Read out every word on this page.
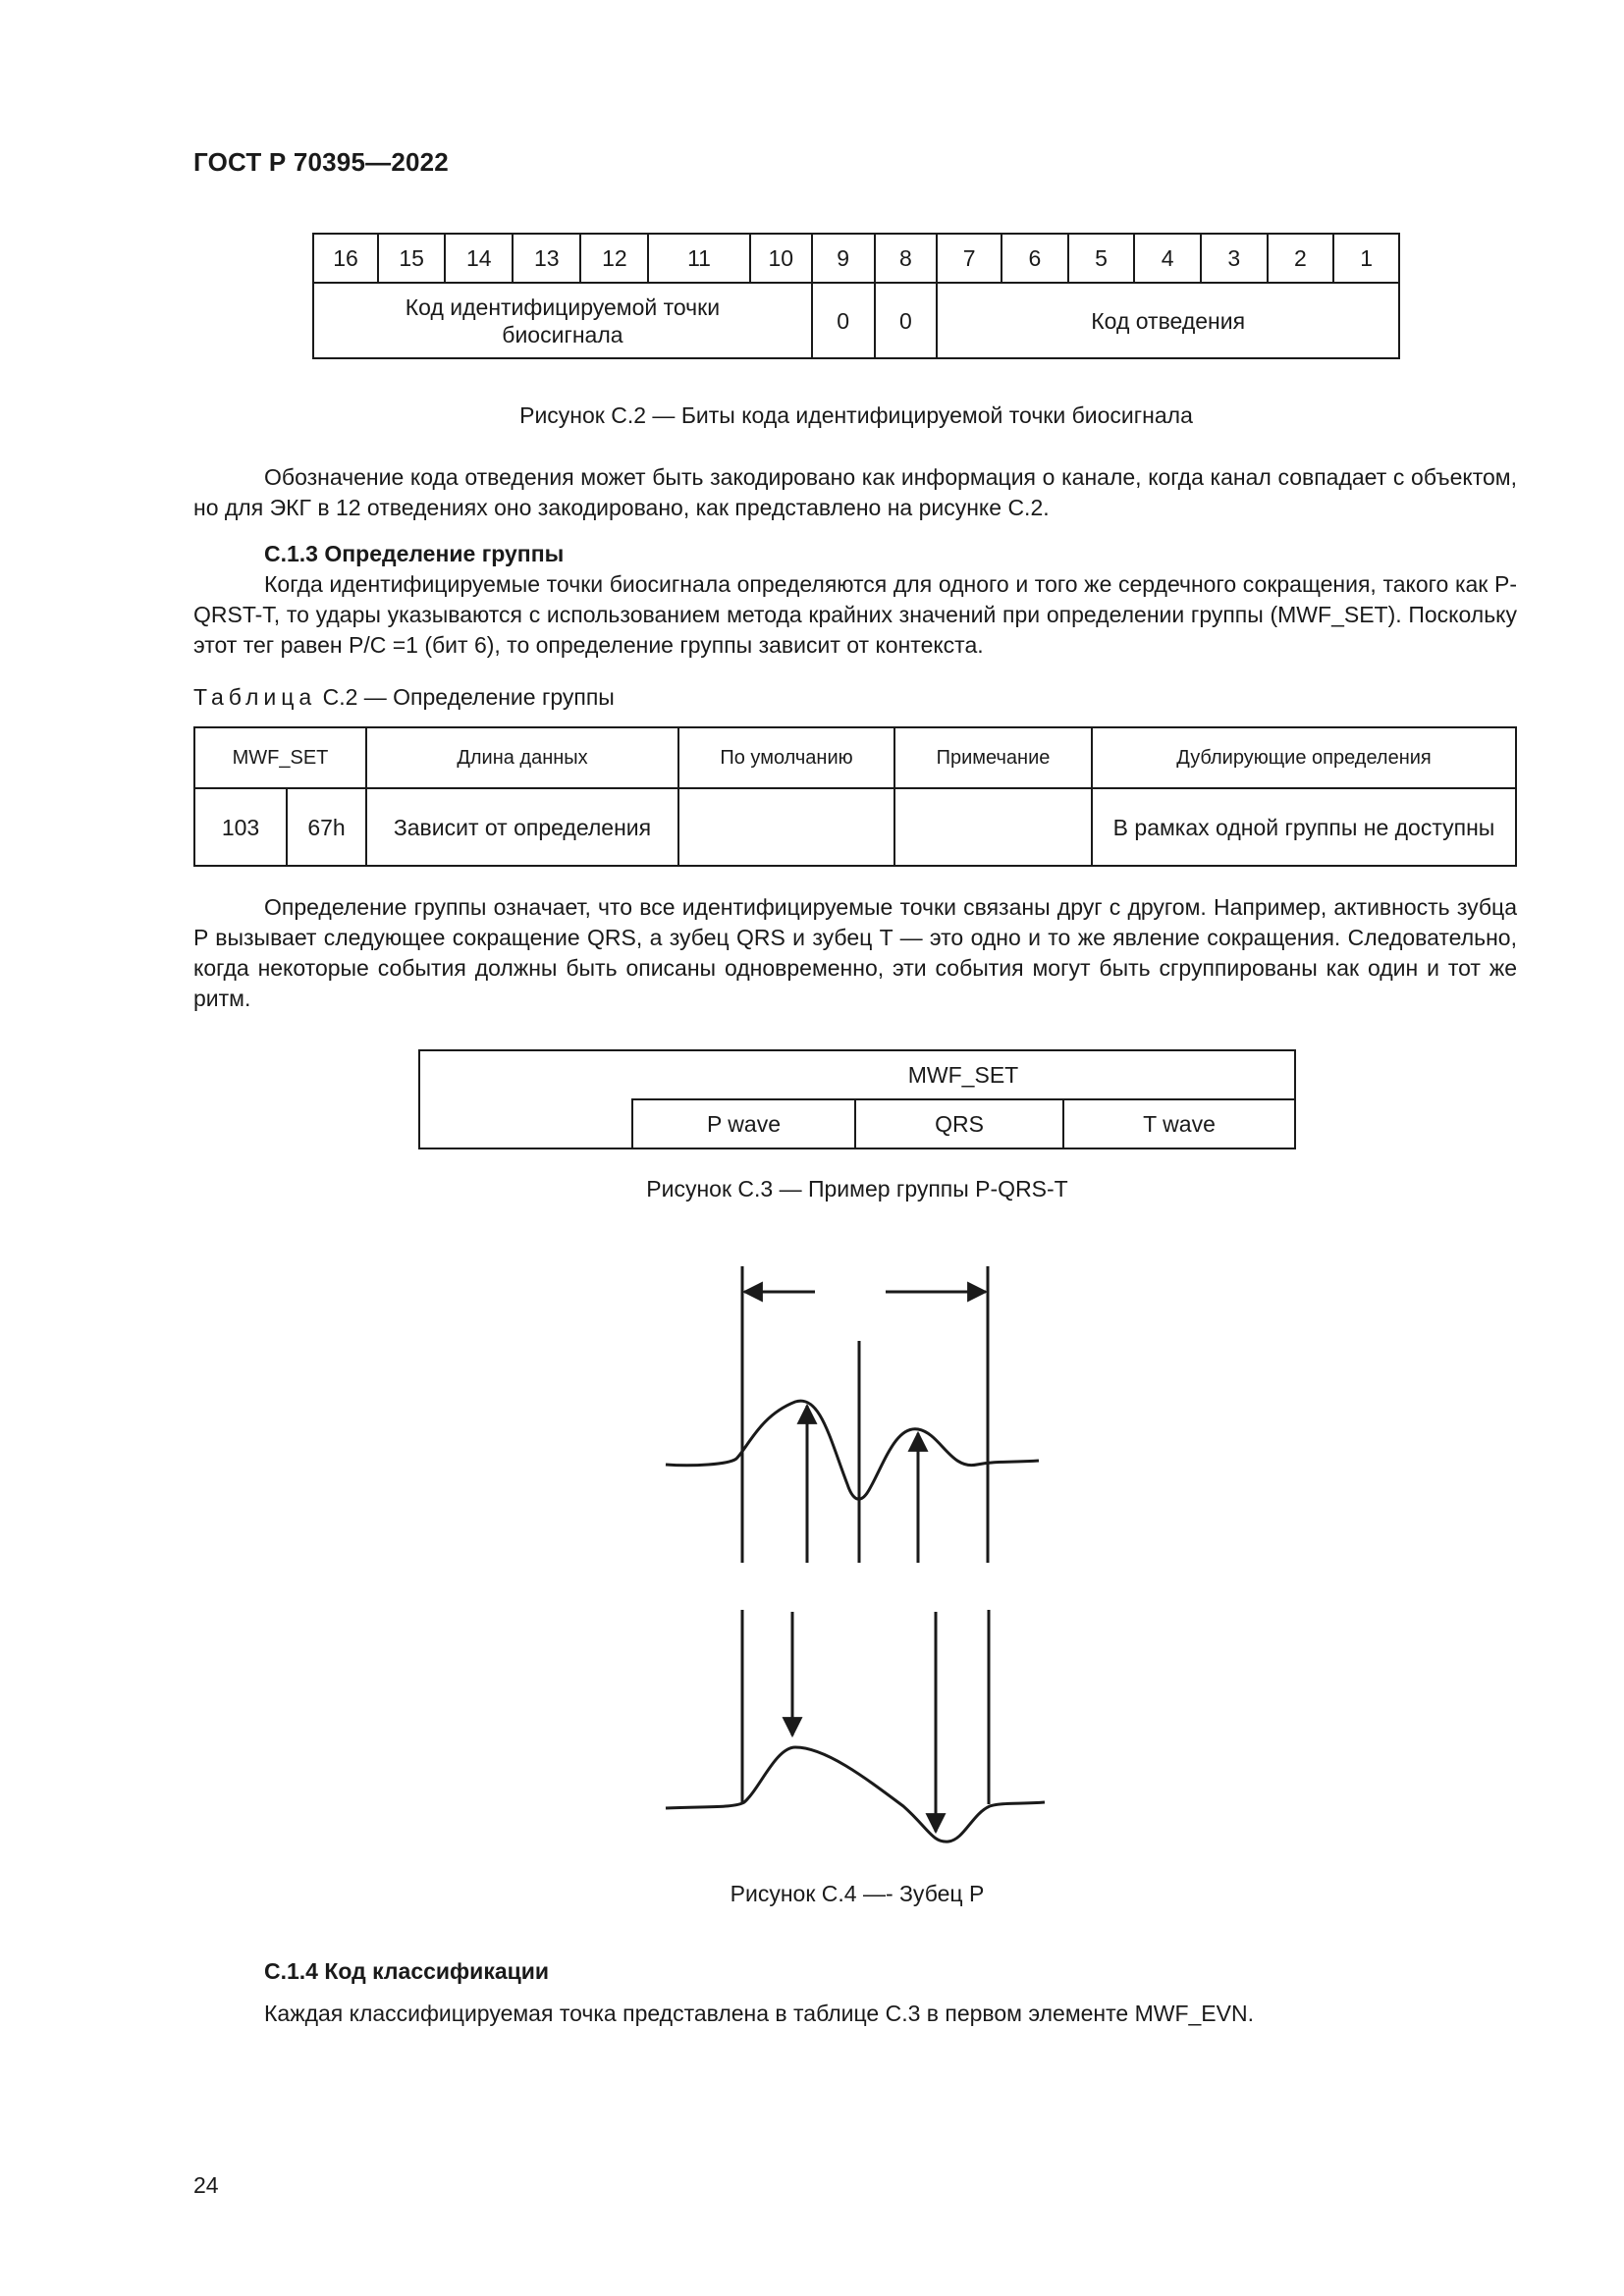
ГОСТ Р 70395—2022
16	15	14	13	12	11	10	9	8	7	6	5	4	3	2	1
Код идентифицируемой точки биосигнала							0	0	Код отведения						
Рисунок С.2 — Биты кода идентифицируемой точки биосигнала
Обозначение кода отведения может быть закодировано как информация о канале, когда канал совпадает с объектом, но для ЭКГ в 12 отведениях оно закодировано, как представлено на рисунке С.2.
С.1.3 Определение группы
Когда идентифицируемые точки биосигнала определяются для одного и того же сердечного сокращения, такого как P-QRST-T, то удары указываются с использованием метода крайних значений при определении группы (MWF_SET). Поскольку этот тег равен P/C =1 (бит 6), то определение группы зависит от контекста.
Таблица С.2 — Определение группы
MWF_SET		Длина данных	По умолчанию	Примечание	Дублирующие определения
103	67h	Зависит от определения			В рамках одной группы не доступны
Определение группы означает, что все идентифицируемые точки связаны друг с другом. Например, активность зубца P вызывает следующее сокращение QRS, а зубец QRS и зубец T — это одно и то же явление сокращения. Следовательно, когда некоторые события должны быть описаны одновременно, эти события могут быть сгруппированы как один и тот же ритм.
	MWF_SET		
	P wave	QRS	T wave
Рисунок С.3 — Пример группы P-QRS-T
Рисунок С.4 —- Зубец P
С.1.4 Код классификации
Каждая классифицируемая точка представлена в таблице С.3 в первом элементе MWF_EVN.
24
